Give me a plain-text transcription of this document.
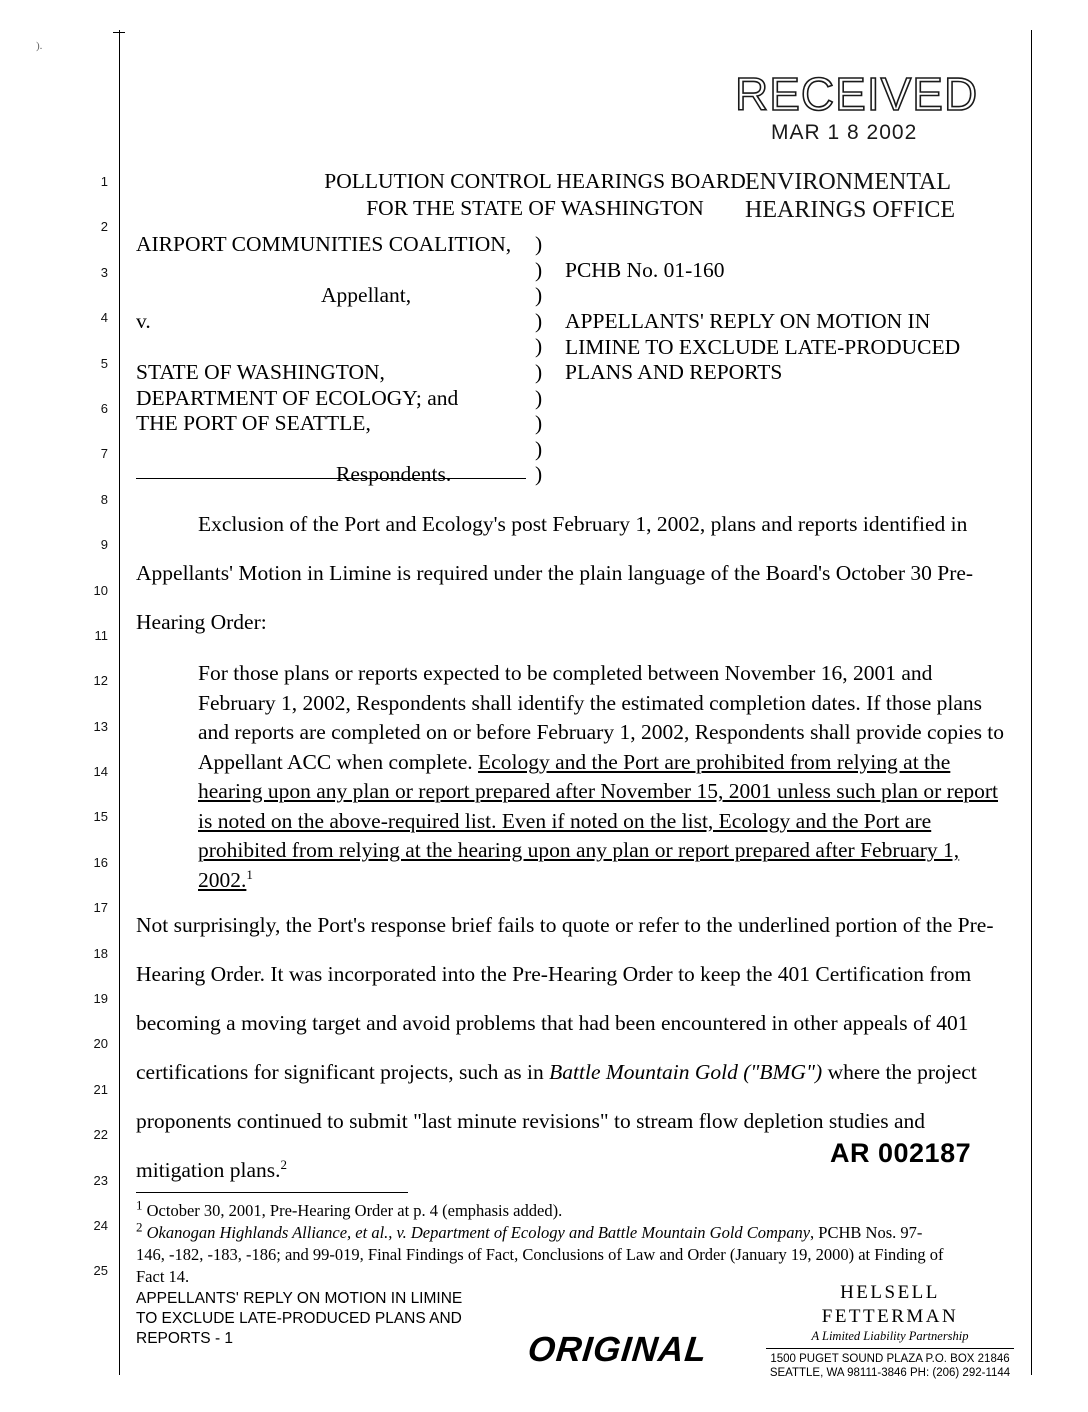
).
RECEIVED
MAR 1 8 2002
ENVIRONMENTAL
HEARINGS OFFICE
1
2
3
4
5
6
7
8
9
10
11
12
13
14
15
16
17
18
19
20
21
22
23
24
25
POLLUTION CONTROL HEARINGS BOARD
FOR THE STATE OF WASHINGTON
AIRPORT COMMUNITIES COALITION,

Appellant,
v.

STATE OF WASHINGTON,
DEPARTMENT OF ECOLOGY; and
THE PORT OF SEATTLE,

Respondents.
)
)
)
)
)
)
)
)
)
)
PCHB No. 01-160

APPELLANTS' REPLY ON MOTION IN
LIMINE TO EXCLUDE LATE-PRODUCED
PLANS AND REPORTS

Exclusion of the Port and Ecology's post February 1, 2002, plans and reports identified in Appellants' Motion in Limine is required under the plain language of the Board's October 30 Pre-Hearing Order:

For those plans or reports expected to be completed between November 16, 2001 and February 1, 2002, Respondents shall identify the estimated completion dates. If those plans and reports are completed on or before February 1, 2002, Respondents shall provide copies to Appellant ACC when complete. Ecology and the Port are prohibited from relying at the hearing upon any plan or report prepared after November 15, 2001 unless such plan or report is noted on the above-required list. Even if noted on the list, Ecology and the Port are prohibited from relying at the hearing upon any plan or report prepared after February 1, 2002.$^1$

Not surprisingly, the Port's response brief fails to quote or refer to the underlined portion of the Pre-Hearing Order. It was incorporated into the Pre-Hearing Order to keep the 401 Certification from becoming a moving target and avoid problems that had been encountered in other appeals of 401 certifications for significant projects, such as in Battle Mountain Gold ("BMG") where the project proponents continued to submit "last minute revisions" to stream flow depletion studies and mitigation plans.$^2$	AR 002187

$^1$ October 30, 2001, Pre-Hearing Order at p. 4 (emphasis added).

$^2$ Okanogan Highlands Alliance, et al., v. Department of Ecology and Battle Mountain Gold Company, PCHB Nos. 97-146, -182, -183, -186; and 99-019, Final Findings of Fact, Conclusions of Law and Order (January 19, 2000) at Finding of Fact 14.

APPELLANTS' REPLY ON MOTION IN LIMINE
TO EXCLUDE LATE-PRODUCED PLANS AND
REPORTS - 1	ORIGINAL
HELSELL
FETTERMAN
A Limited Liability Partnership
1500 PUGET SOUND PLAZA P.O. BOX 21846
SEATTLE, WA 98111-3846 PH: (206) 292-1144
